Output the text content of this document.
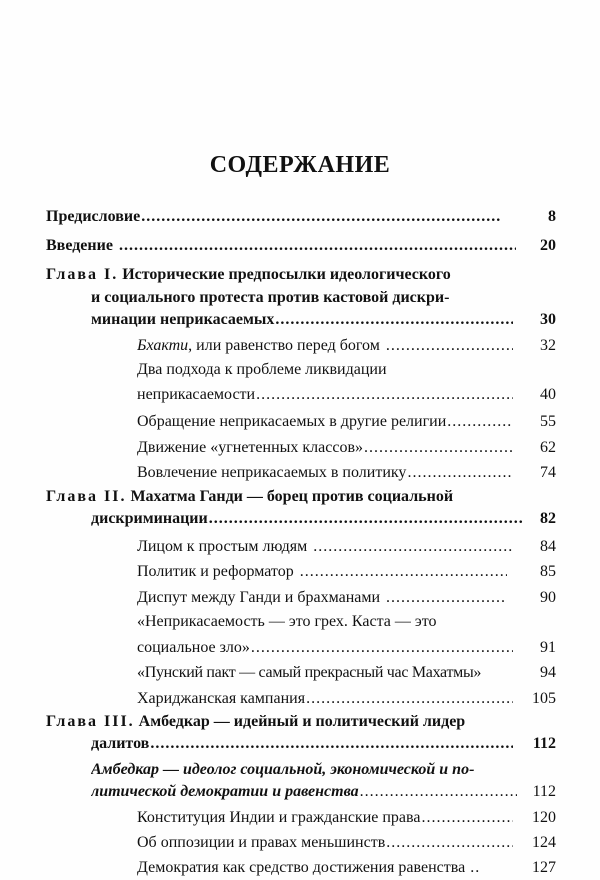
СОДЕРЖАНИЕ
Предисловие .....	8
Введение .....	20
Глава I. Исторические предпосылки идеологического
и социального протеста против кастовой дискри-
минации неприкасаемых .....	30
Бхакти , или равенство перед богом .....	32
Два подхода к проблеме ликвидации
неприкасаемости .....	40
Обращение неприкасаемых в другие религии .....	55
Движение «угнетенных классов» .....	62
Вовлечение неприкасаемых в политику .....	74
Глава II. Махатма Ганди — борец против социальной
дискриминации .....	82
Лицом к простым людям .....	84
Политик и реформатор .....	85
Диспут между Ганди и брахманами .....	90
«Неприкасаемость — это грех. Каста — это
социальное зло» .....	91
«Пунский пакт — самый прекрасный час Махатмы»	94
Хариджанская кампания .....	105
Глава III. Амбедкар — идейный и политический лидер
далитов .....	112
Амбедкар — идеолог социальной, экономической и по-
литической демократии и равенства .....	112
Конституция Индии и гражданские права .....	120
Об оппозиции и правах меньшинств .....	124
Демократия как средство достижения равенства ..	127
